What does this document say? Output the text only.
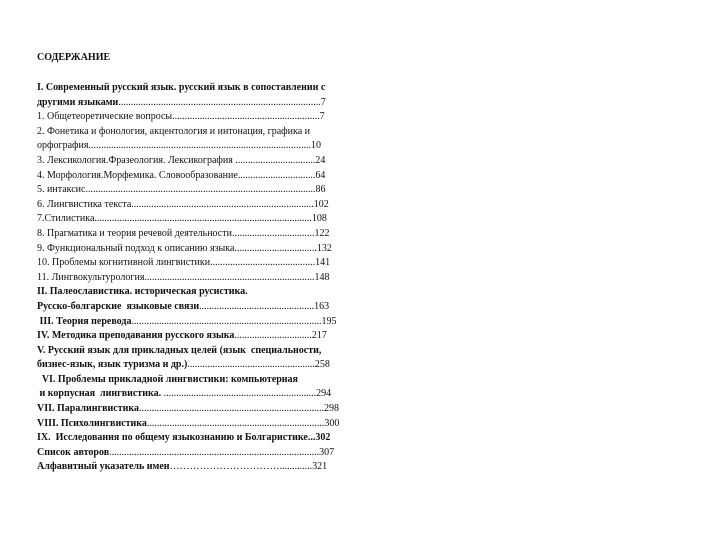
СОДЕРЖАНИЕ
I. Современный русский язык. русский язык в сопоставлении с
другими языками.................................................................................7
1. Общетеоретические вопросы...........................................................7
2. Фонетика и фонология, акцентология и интонация, графика и
орфография.........................................................................................10
3. Лексикология.Фразеология. Лексикография ................................24
4. Морфология.Морфемика. Словообразование...............................64
5. интаксис............................................................................................86
6. Лингвистика текста.........................................................................102
7.Стилистика.......................................................................................108
8. Прагматика и теория речевой деятельности.................................122
9. Функциональный подход к описанию языка.................................132
10. Проблемы когнитивной лингвистики..........................................141
11. Лингвокультурология....................................................................148
II. Палеославистика. историческая русистика.
Русско-болгарские  языковые связи..............................................163
III. Теория перевода............................................................................195
IV. Методика преподавания русского языка...............................217
V. Русский язык для прикладных целей (язык  специальности,
бизнес-язык, язык туризма и др.)...................................................258
VI. Проблемы прикладной лингвистики: компьютерная
и корпусная  лингвистика. .............................................................294
VII. Паралингвистика..........................................................................298
VIII. Психолингвистика.......................................................................300
IX.  Исследования по общему языкознанию и Болгаристике...302
Список авторов....................................................................................307
Алфавитный указатель имен…………………………….............321
